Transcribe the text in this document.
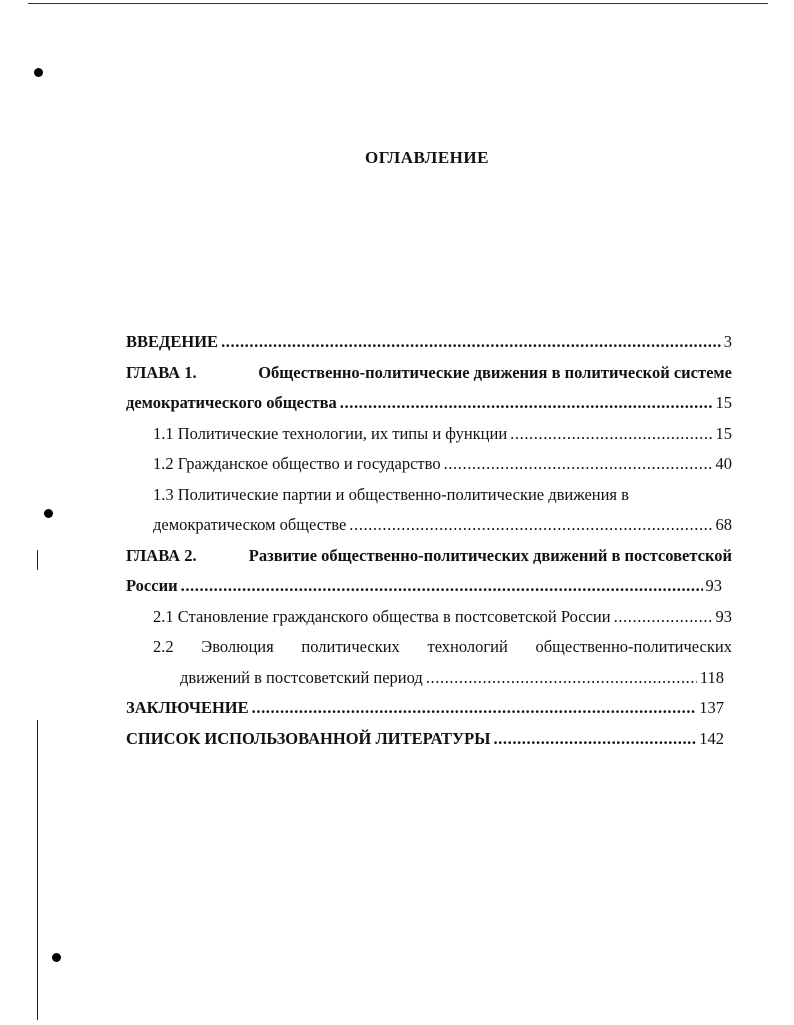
ОГЛАВЛЕНИЕ
ВВЕДЕНИЕ .....	3
ГЛАВА 1.	Общественно-политические движения в политической системе
демократического общества .....	15
1.1 Политические технологии, их типы и функции .....	15
1.2 Гражданское общество и государство .....	40
1.3 Политические партии и общественно-политические движения в
демократическом обществе .....	68
ГЛАВА 2.	Развитие общественно-политических движений в постсоветской
России .....	93
2.1 Становление гражданского общества в постсоветской России .....	93
2.2 Эволюция политических технологий общественно-политических
движений в постсоветский период .....	118
ЗАКЛЮЧЕНИЕ .....	137
СПИСОК ИСПОЛЬЗОВАННОЙ ЛИТЕРАТУРЫ .....	142
